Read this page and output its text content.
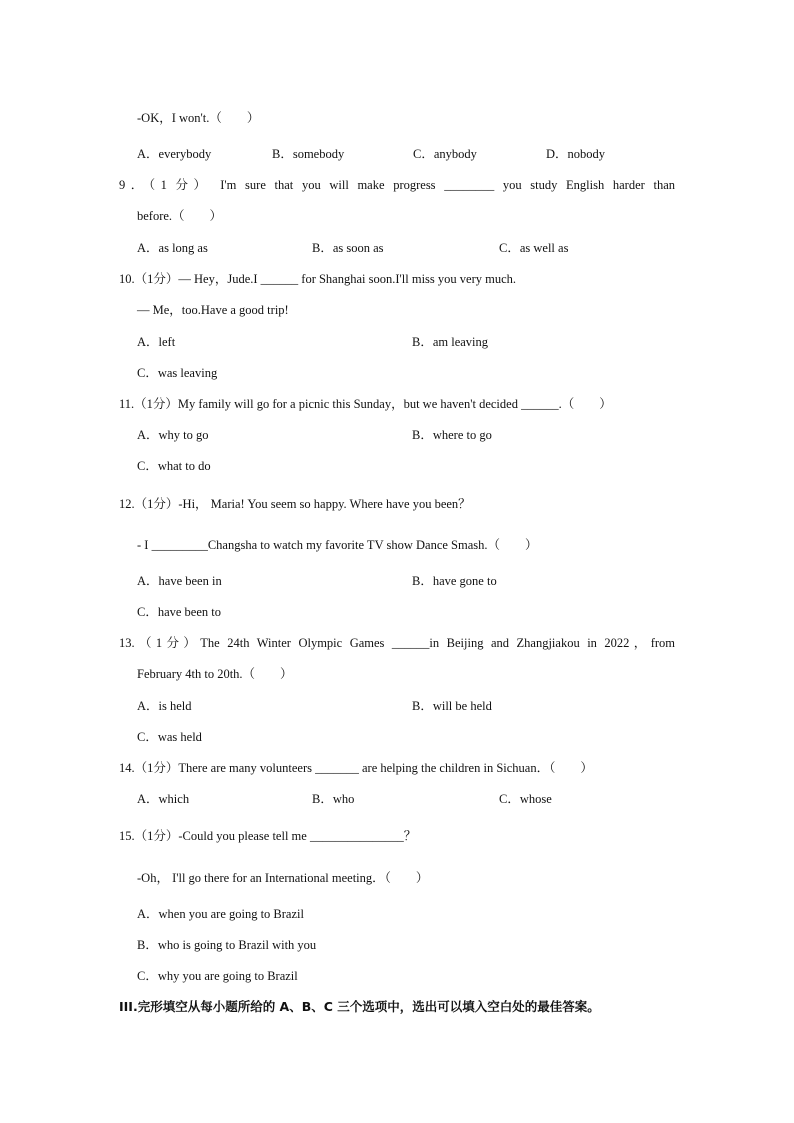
-OK，I won't.（　　）
A．everybody	B．somebody	C．anybody	D．nobody
9．（1 分） I'm sure that you will make progress ________ you study English harder than
before.（　　）
A．as long as	B．as soon as	C．as well as
10.（1分）— Hey，Jude.I ______ for Shanghai soon.I'll miss you very much.
— Me，too.Have a good trip!
A．left	B．am leaving
C．was leaving
11.（1分）My family will go for a picnic this Sunday，but we haven't decided ______.（　　）
A．why to go	B．where to go
C．what to do
12.（1分）-Hi， Maria! You seem so happy. Where have you been？
- I _________Changsha to watch my favorite TV show Dance Smash.（　　）
A．have been in	B．have gone to
C．have been to
13.（1分）The 24th Winter Olympic Games ______in Beijing and Zhangjiakou in 2022，from
February 4th to 20th.（　　）
A．is held	B．will be held
C．was held
14.（1分）There are many volunteers _______ are helping the children in Sichuan．（　　）
A．which	B．who	C．whose
15.（1分）-Could you please tell me _______________？
-Oh， I'll go there for an International meeting．（　　）
A．when you are going to Brazil
B．who is going to Brazil with you
C．why you are going to Brazil
III.完形填空从每小题所给的 A、B、C 三个选项中，选出可以填入空白处的最佳答案。
